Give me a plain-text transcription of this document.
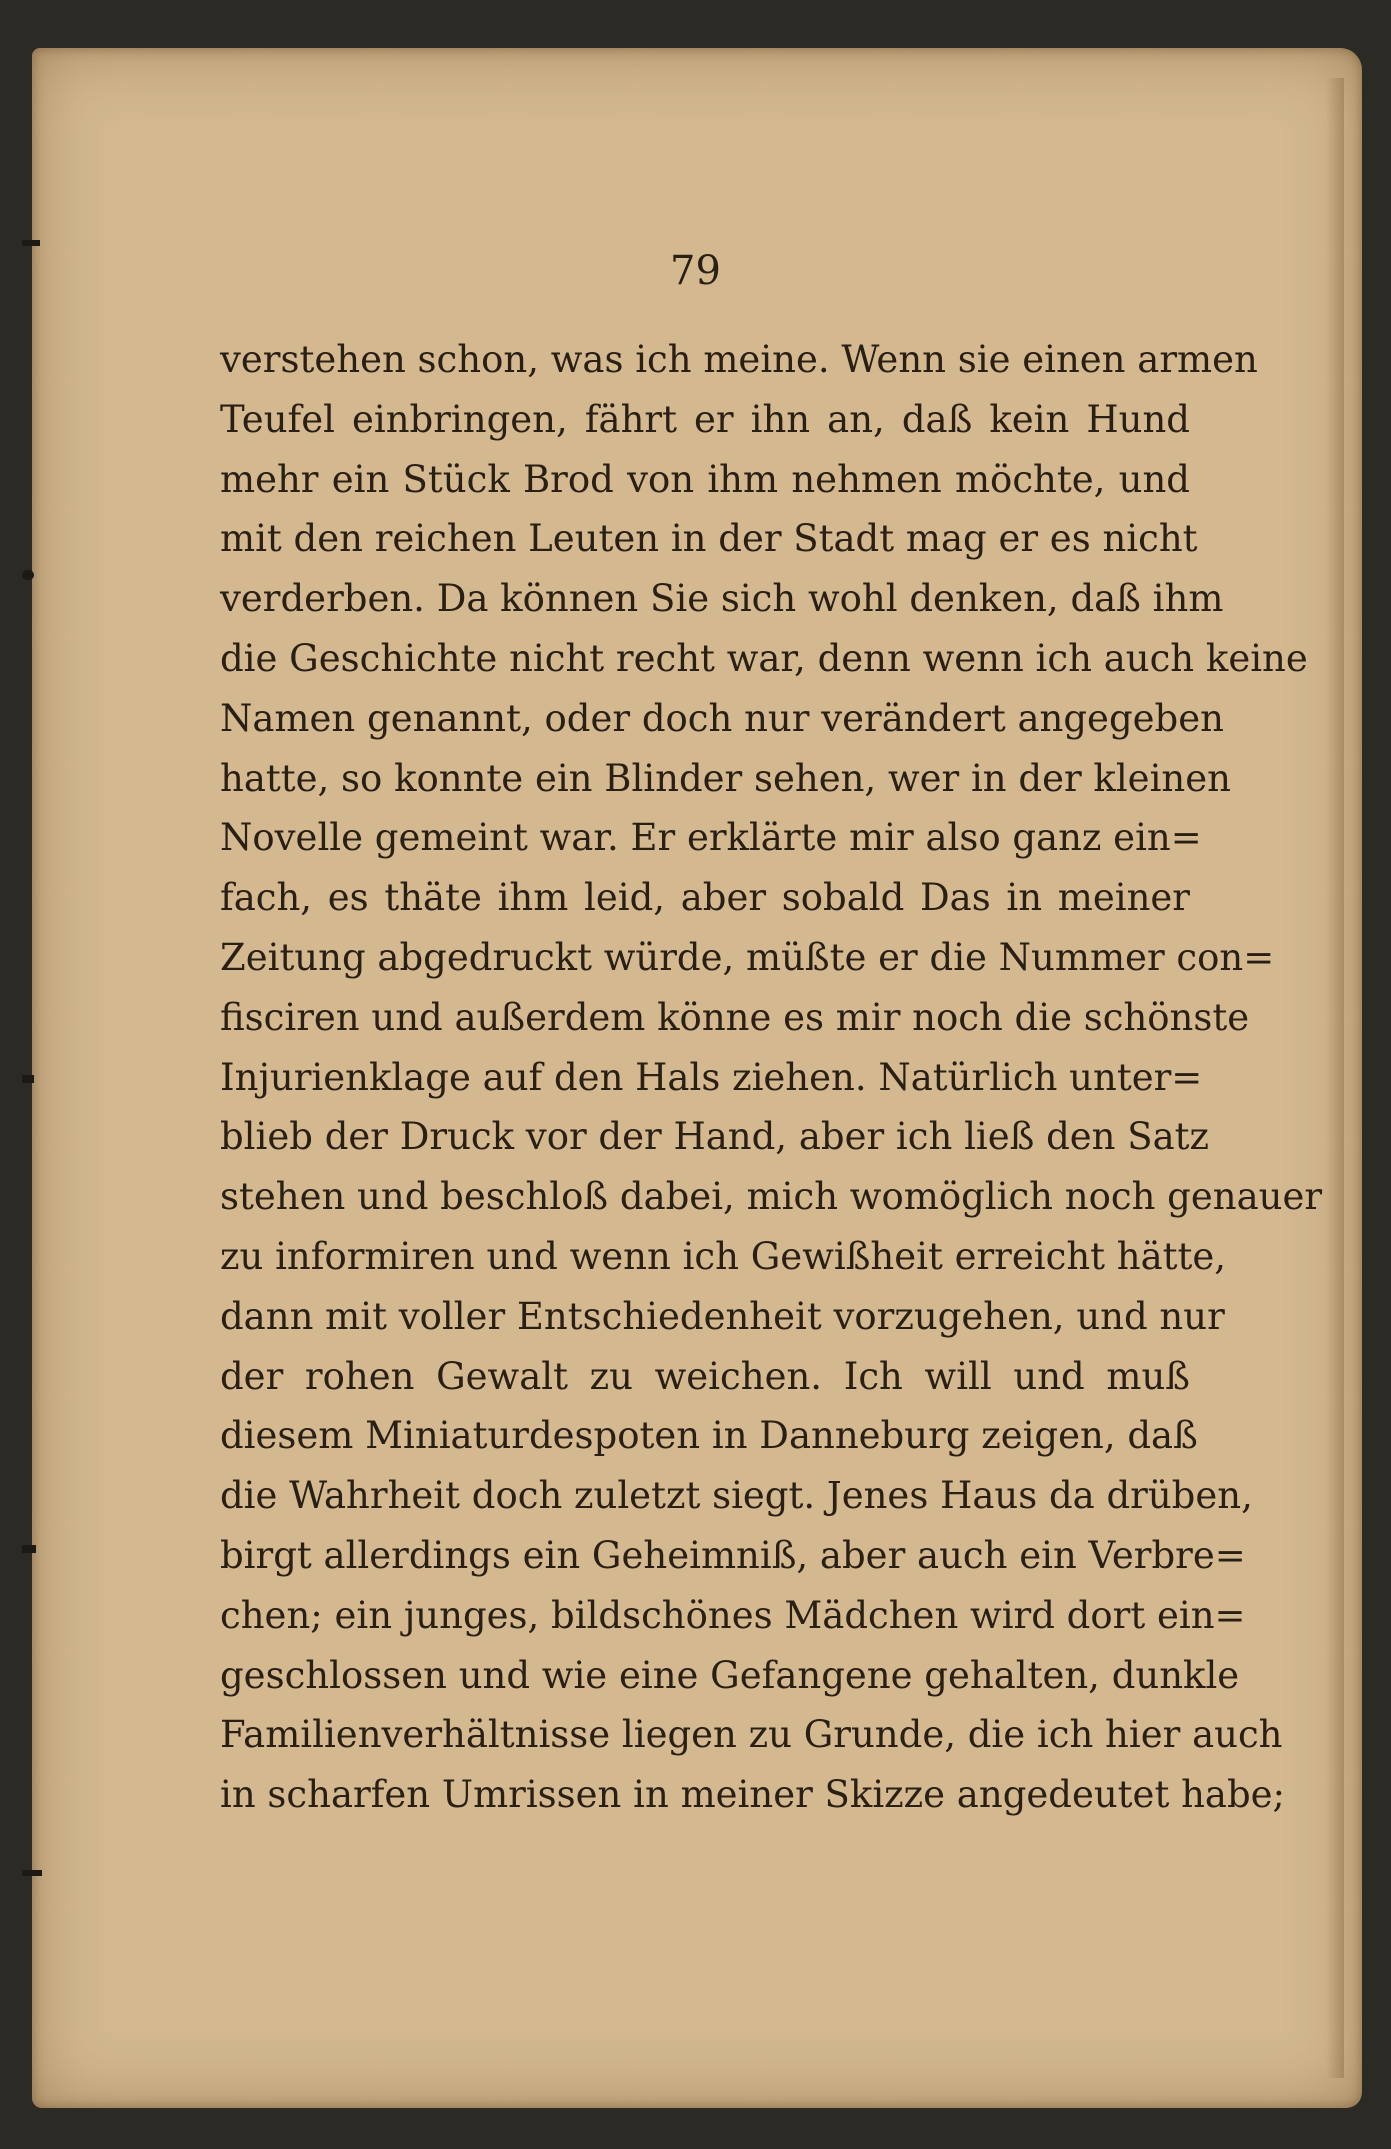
79
verstehen schon, was ich meine. Wenn sie einen armen
Teufel einbringen, fährt er ihn an, daß kein Hund
mehr ein Stück Brod von ihm nehmen möchte, und
mit den reichen Leuten in der Stadt mag er es nicht
verderben. Da können Sie sich wohl denken, daß ihm
die Geschichte nicht recht war, denn wenn ich auch keine
Namen genannt, oder doch nur verändert angegeben
hatte, so konnte ein Blinder sehen, wer in der kleinen
Novelle gemeint war. Er erklärte mir also ganz ein=
fach, es thäte ihm leid, aber sobald Das in meiner
Zeitung abgedruckt würde, müßte er die Nummer con=
fisciren und außerdem könne es mir noch die schönste
Injurienklage auf den Hals ziehen. Natürlich unter=
blieb der Druck vor der Hand, aber ich ließ den Satz
stehen und beschloß dabei, mich womöglich noch genauer
zu informiren und wenn ich Gewißheit erreicht hätte,
dann mit voller Entschiedenheit vorzugehen, und nur
der rohen Gewalt zu weichen. Ich will und muß
diesem Miniaturdespoten in Danneburg zeigen, daß
die Wahrheit doch zuletzt siegt. Jenes Haus da drüben,
birgt allerdings ein Geheimniß, aber auch ein Verbre=
chen; ein junges, bildschönes Mädchen wird dort ein=
geschlossen und wie eine Gefangene gehalten, dunkle
Familienverhältnisse liegen zu Grunde, die ich hier auch
in scharfen Umrissen in meiner Skizze angedeutet habe;
